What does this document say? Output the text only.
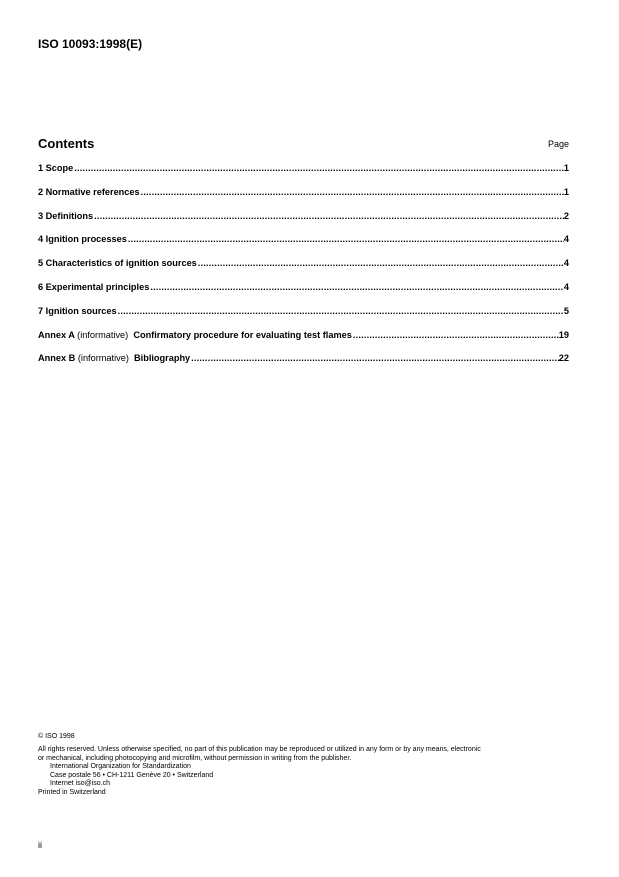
ISO 10093:1998(E)
Contents	Page
1 Scope .....	1
2 Normative references .....	1
3 Definitions .....	2
4 Ignition processes .....	4
5 Characteristics of ignition sources .....	4
6 Experimental principles .....	4
7 Ignition sources .....	5
Annex A (informative) Confirmatory procedure for evaluating test flames .....	19
Annex B (informative) Bibliography .....	22
© ISO 1998
All rights reserved. Unless otherwise specified, no part of this publication may be reproduced or utilized in any form or by any means, electronic
or mechanical, including photocopying and microfilm, without permission in writing from the publisher.
International Organization for Standardization
Case postale 56 • CH-1211 Genève 20 • Switzerland
Internet iso@iso.ch
Printed in Switzerland
ii
